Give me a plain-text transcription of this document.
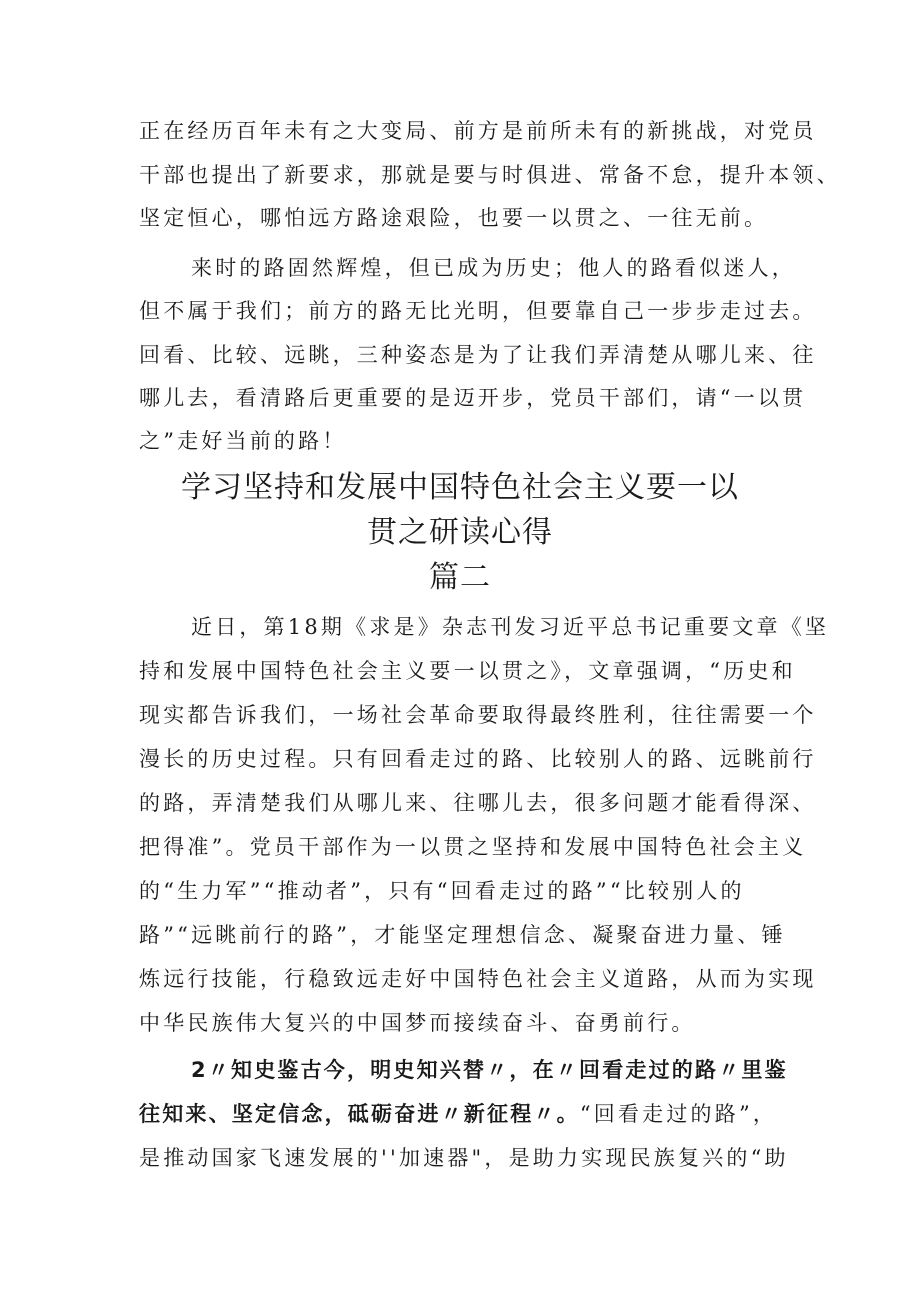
正在经历百年未有之大变局、前方是前所未有的新挑战，对党员
干部也提出了新要求，那就是要与时俱进、常备不怠，提升本领、
坚定恒心，哪怕远方路途艰险，也要一以贯之、一往无前。
来时的路固然辉煌，但已成为历史；他人的路看似迷人，
但不属于我们；前方的路无比光明，但要靠自己一步步走过去。
回看、比较、远眺，三种姿态是为了让我们弄清楚从哪儿来、往
哪儿去，看清路后更重要的是迈开步，党员干部们，请“一以贯
之”走好当前的路！
学习坚持和发展中国特色社会主义要一以
贯之研读心得
篇二
近日，第18期《求是》杂志刊发习近平总书记重要文章《坚
持和发展中国特色社会主义要一以贯之》，文章强调，“历史和
现实都告诉我们，一场社会革命要取得最终胜利，往往需要一个
漫长的历史过程。只有回看走过的路、比较别人的路、远眺前行
的路，弄清楚我们从哪儿来、往哪儿去，很多问题才能看得深、
把得准”。党员干部作为一以贯之坚持和发展中国特色社会主义
的“生力军”“推动者”，只有“回看走过的路”“比较别人的
路”“远眺前行的路”，才能坚定理想信念、凝聚奋进力量、锤
炼远行技能，行稳致远走好中国特色社会主义道路，从而为实现
中华民族伟大复兴的中国梦而接续奋斗、奋勇前行。
2〃知史鉴古今，明史知兴替〃，在〃回看走过的路〃里鉴
往知来、坚定信念，砥砺奋进〃新征程〃。“回看走过的路”，
是推动国家飞速发展的''加速器"，是助力实现民族复兴的“助
